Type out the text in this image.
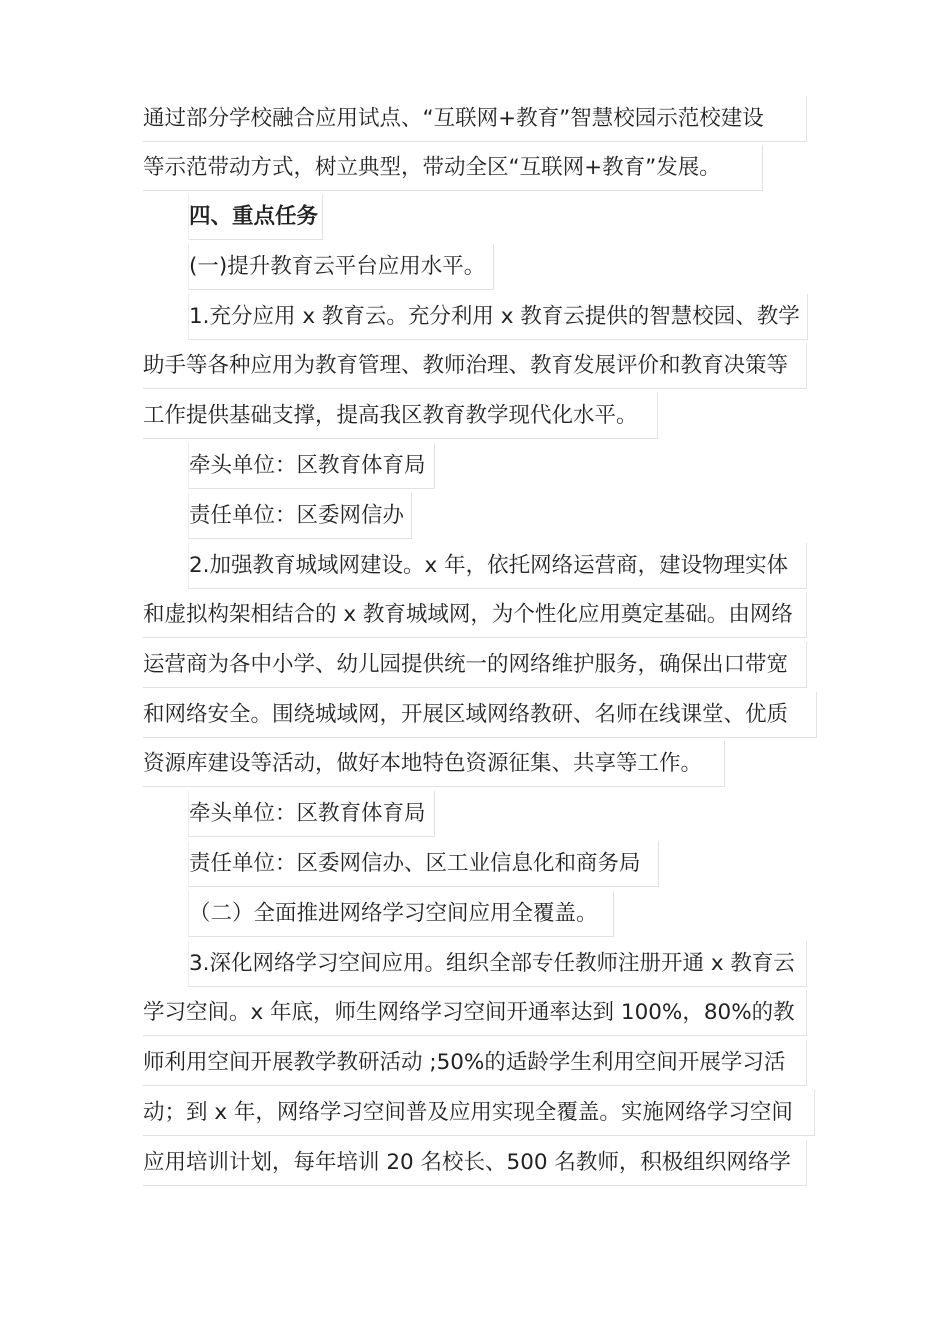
通过部分学校融合应用试点、“互联网+教育”智慧校园示范校建设
等示范带动方式，树立典型，带动全区“互联网+教育”发展。
四、重点任务
(一)提升教育云平台应用水平。
1.充分应用 x 教育云。充分利用 x 教育云提供的智慧校园、教学
助手等各种应用为教育管理、教师治理、教育发展评价和教育决策等
工作提供基础支撑，提高我区教育教学现代化水平。
牵头单位：区教育体育局
责任单位：区委网信办
2.加强教育城域网建设。x 年，依托网络运营商，建设物理实体
和虚拟构架相结合的 x 教育城域网，为个性化应用奠定基础。由网络
运营商为各中小学、幼儿园提供统一的网络维护服务，确保出口带宽
和网络安全。围绕城域网，开展区域网络教研、名师在线课堂、优质
资源库建设等活动，做好本地特色资源征集、共享等工作。
牵头单位：区教育体育局
责任单位：区委网信办、区工业信息化和商务局
（二）全面推进网络学习空间应用全覆盖。
3.深化网络学习空间应用。组织全部专任教师注册开通 x 教育云
学习空间。x 年底，师生网络学习空间开通率达到 100%，80%的教
师利用空间开展教学教研活动 ;50%的适龄学生利用空间开展学习活
动；到 x 年，网络学习空间普及应用实现全覆盖。实施网络学习空间
应用培训计划，每年培训 20 名校长、500 名教师，积极组织网络学
